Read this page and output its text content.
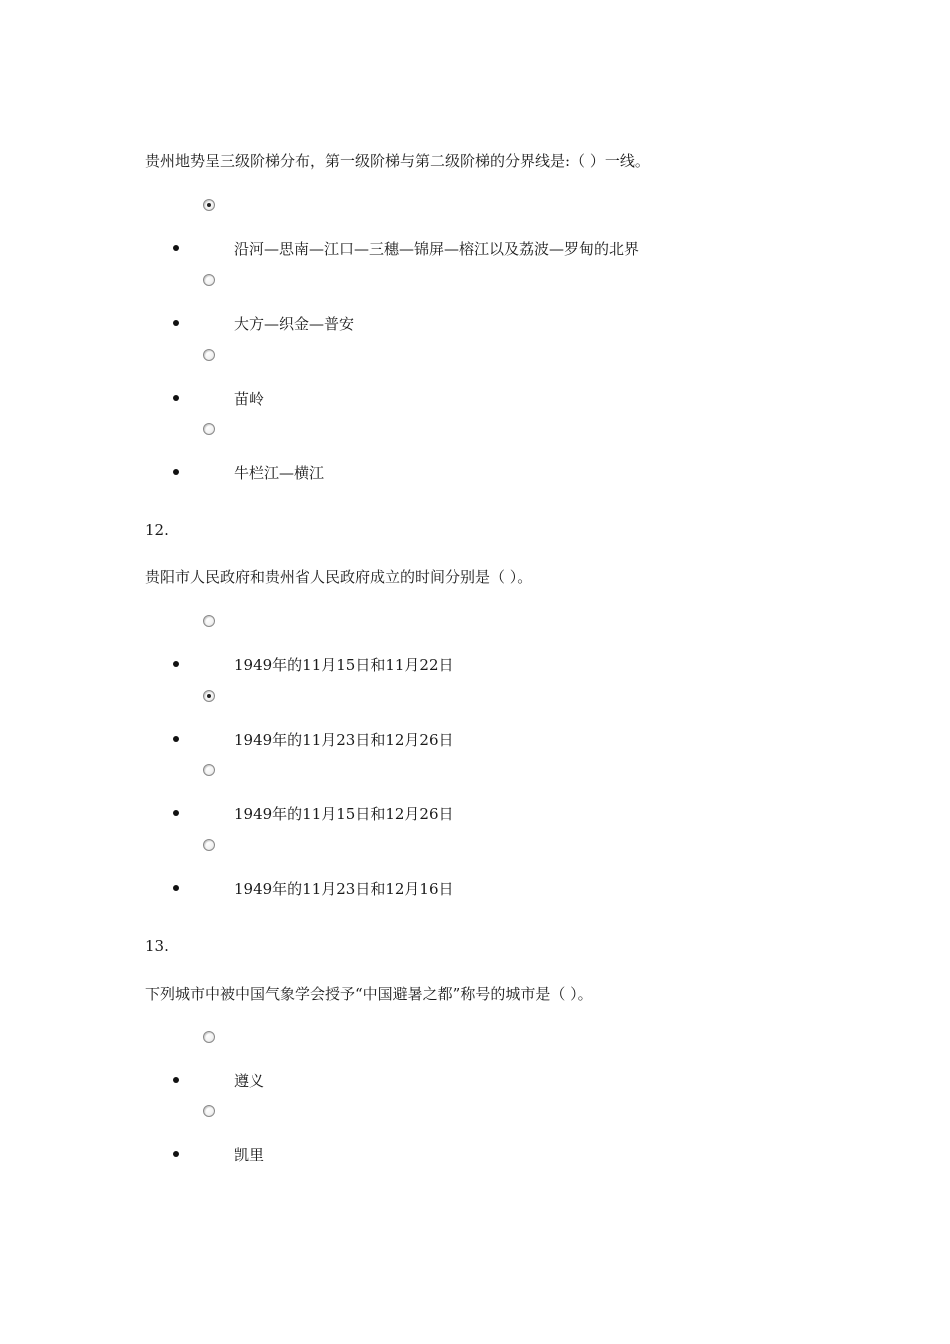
贵州地势呈三级阶梯分布，第一级阶梯与第二级阶梯的分界线是:（ ）一线。
沿河—思南—江口—三穗—锦屏—榕江以及荔波—罗甸的北界
大方—织金—普安
苗岭
牛栏江—横江
12.
贵阳市人民政府和贵州省人民政府成立的时间分别是（ ）。
1949年的11月15日和11月22日
1949年的11月23日和12月26日
1949年的11月15日和12月26日
1949年的11月23日和12月16日
13.
下列城市中被中国气象学会授予“中国避暑之都”称号的城市是（ ）。
遵义
凯里
